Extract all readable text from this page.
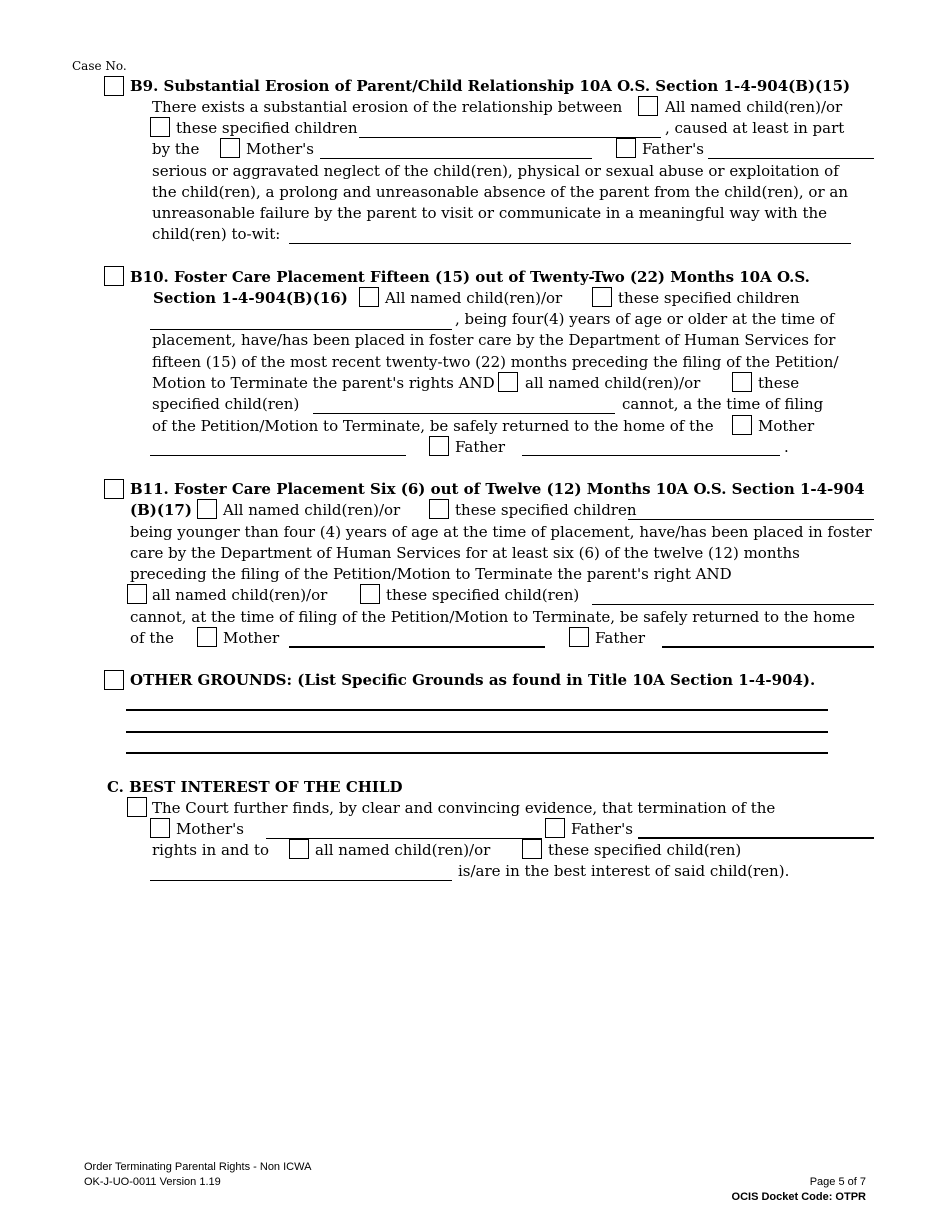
Case No.
B9. Substantial Erosion of Parent/Child Relationship 10A O.S. Section 1-4-904(B)(15)
There exists a substantial erosion of the relationship between	All named child(ren)/or
these specified children	, caused at least in part
by the	Mother's	Father's
serious or aggravated neglect of the child(ren), physical or sexual abuse or exploitation of
the child(ren), a prolong and unreasonable absence of the parent from the child(ren), or an
unreasonable failure by the parent to visit or communicate in a meaningful way with the
child(ren) to-wit:
B10. Foster Care Placement Fifteen (15) out of Twenty-Two (22) Months 10A O.S.
Section 1-4-904(B)(16) All named child(ren)/or	these specified children
, being four(4) years of age or older at the time of
placement, have/has been placed in foster care by the Department of Human Services for
fifteen (15) of the most recent twenty-two (22) months preceding the filing of the Petition/
Motion to Terminate the parent's rights AND all named child(ren)/or	these
specified child(ren)	cannot, a the time of filing
of the Petition/Motion to Terminate, be safely returned to the home of the	Mother
Father	.
B11. Foster Care Placement Six (6) out of Twelve (12) Months 10A O.S. Section 1-4-904
(B)(17) All named child(ren)/or	these specified children
being younger than four (4) years of age at the time of placement, have/has been placed in foster
care by the Department of Human Services for at least six (6) of the twelve (12) months
preceding the filing of the Petition/Motion to Terminate the parent's right AND
all named child(ren)/or	these specified child(ren)
cannot, at the time of filing of the Petition/Motion to Terminate, be safely returned to the home
of the	Mother	Father
OTHER GROUNDS: (List Specific Grounds as found in Title 10A Section 1-4-904).
C. BEST INTEREST OF THE CHILD
The Court further finds, by clear and convincing evidence, that termination of the
Mother's	Father's
rights in and to	all named child(ren)/or	these specified child(ren)
is/are in the best interest of said child(ren).
Order Terminating Parental Rights - Non ICWA
OK-J-UO-0011 Version 1.19	Page 5 of 7
OCIS Docket Code: OTPR
